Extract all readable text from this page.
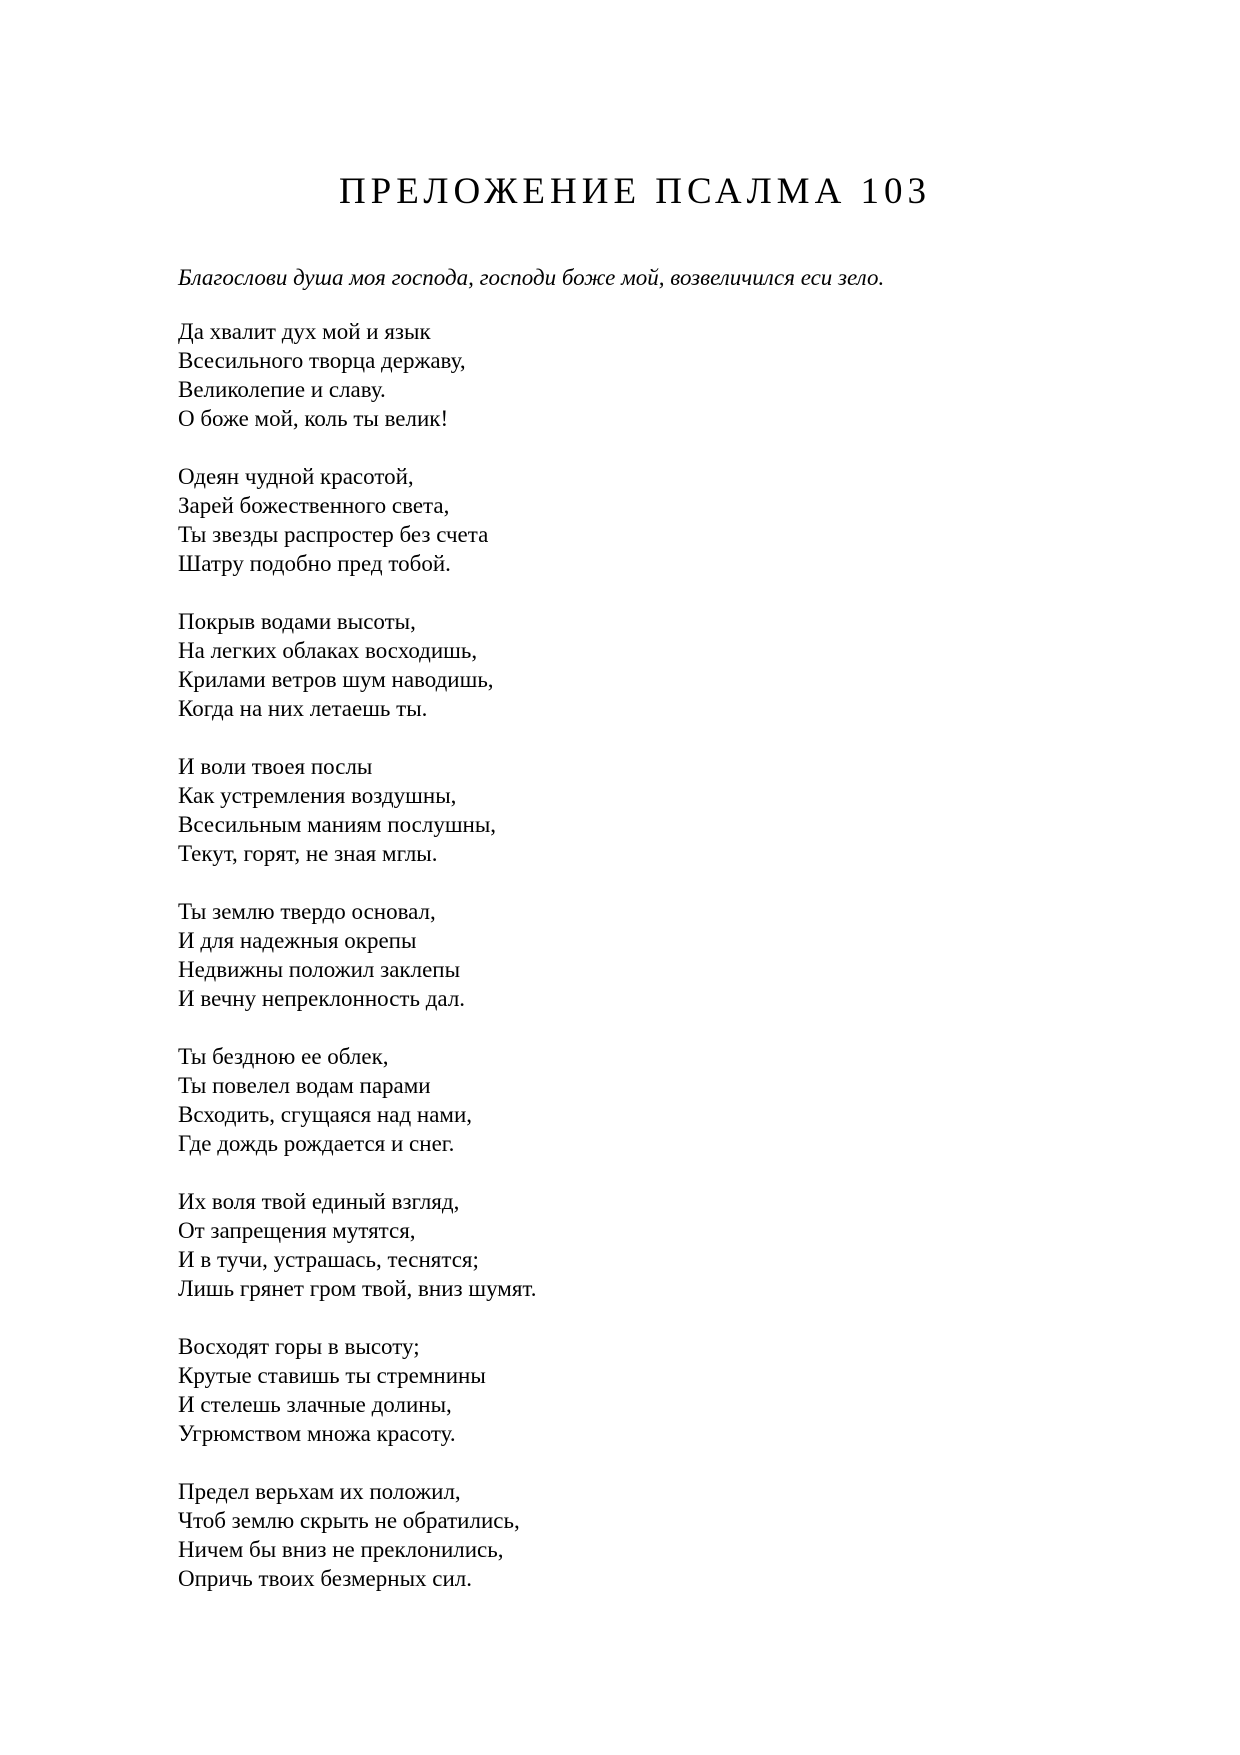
ПРЕЛОЖЕНИЕ ПСАЛМА 103

Благослови душа моя господа, господи боже мой, возвеличился еси зело.

Да хвалит дух мой и язык
Всесильного творца державу,
Великолепие и славу.
О боже мой, коль ты велик!
Одеян чудной красотой,
Зарей божественного света,
Ты звезды распростер без счета
Шатру подобно пред тобой.
Покрыв водами высоты,
На легких облаках восходишь,
Крилами ветров шум наводишь,
Когда на них летаешь ты.
И воли твоея послы
Как устремления воздушны,
Всесильным маниям послушны,
Текут, горят, не зная мглы.
Ты землю твердо основал,
И для надежныя окрепы
Недвижны положил заклепы
И вечну непреклонность дал.
Ты бездною ее облек,
Ты повелел водам парами
Всходить, сгущаяся над нами,
Где дождь рождается и снег.
Их воля твой единый взгляд,
От запрещения мутятся,
И в тучи, устрашась, теснятся;
Лишь грянет гром твой, вниз шумят.
Восходят горы в высоту;
Крутые ставишь ты стремнины
И стелешь злачные долины,
Угрюмством множа красоту.
Предел верьхам их положил,
Чтоб землю скрыть не обратились,
Ничем бы вниз не преклонились,
Опричь твоих безмерных сил.
